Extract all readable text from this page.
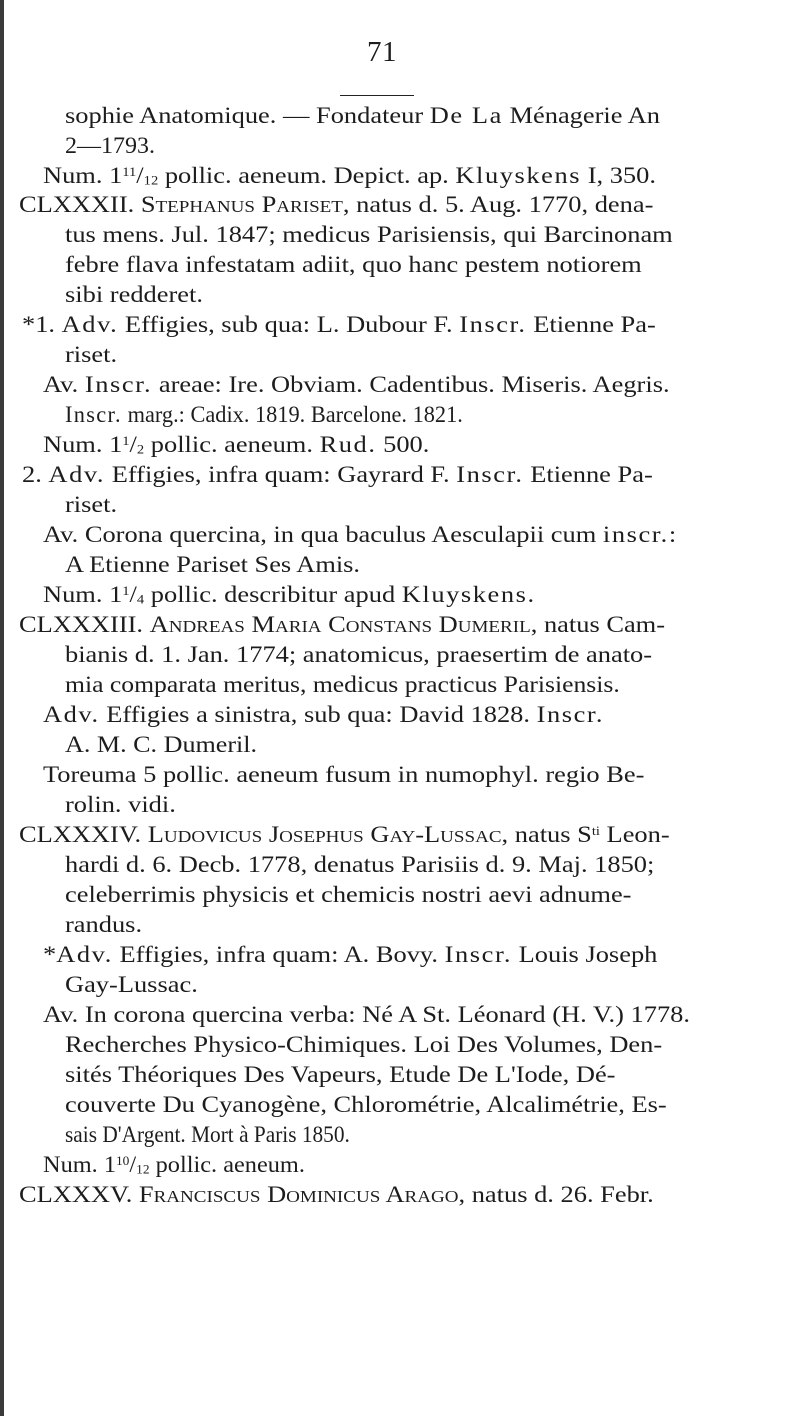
71
sophie Anatomique. — Fondateur De La Ménagerie An
2—1793.
Num. $1^{11}/_{12}$ pollic. aeneum. Depict. ap. Kluyskens I, 350.
CLXXXII. Stephanus Pariset, natus d. 5. Aug. 1770, dena-
tus mens. Jul. 1847; medicus Parisiensis, qui Barcinonam
febre flava infestatam adiit, quo hanc pestem notiorem
sibi redderet.
*1. Adv. Effigies, sub qua: L. Dubour F. Inscr. Etienne Pa-
riset.
Av. Inscr. areae: Ire. Obviam. Cadentibus. Miseris. Aegris.
Inscr. marg.: Cadix. 1819. Barcelone. 1821.
Num. $1^1/_2$ pollic. aeneum. Rud. 500.
2. Adv. Effigies, infra quam: Gayrard F. Inscr. Etienne Pa-
riset.
Av. Corona quercina, in qua baculus Aesculapii cum inscr.:
A Etienne Pariset Ses Amis.
Num. $1^1/_4$ pollic. describitur apud Kluyskens.
CLXXXIII. Andreas Maria Constans Dumeril, natus Cam-
bianis d. 1. Jan. 1774; anatomicus, praesertim de anato-
mia comparata meritus, medicus practicus Parisiensis.
Adv. Effigies a sinistra, sub qua: David 1828. Inscr.
A. M. C. Dumeril.
Toreuma 5 pollic. aeneum fusum in numophyl. regio Be-
rolin. vidi.
CLXXXIV. Ludovicus Josephus Gay-Lussac, natus $S^{ti}$ Leon-
hardi d. 6. Decb. 1778, denatus Parisiis d. 9. Maj. 1850;
celeberrimis physicis et chemicis nostri aevi adnume-
randus.
*Adv. Effigies, infra quam: A. Bovy. Inscr. Louis Joseph
Gay-Lussac.
Av. In corona quercina verba: Né A St. Léonard (H. V.) 1778.
Recherches Physico-Chimiques. Loi Des Volumes, Den-
sités Théoriques Des Vapeurs, Etude De L'Iode, Dé-
couverte Du Cyanogène, Chlorométrie, Alcalimétrie, Es-
sais D'Argent. Mort à Paris 1850.
Num. $1^{10}/_{12}$ pollic. aeneum.
CLXXXV. Franciscus Dominicus Arago, natus d. 26. Febr.
